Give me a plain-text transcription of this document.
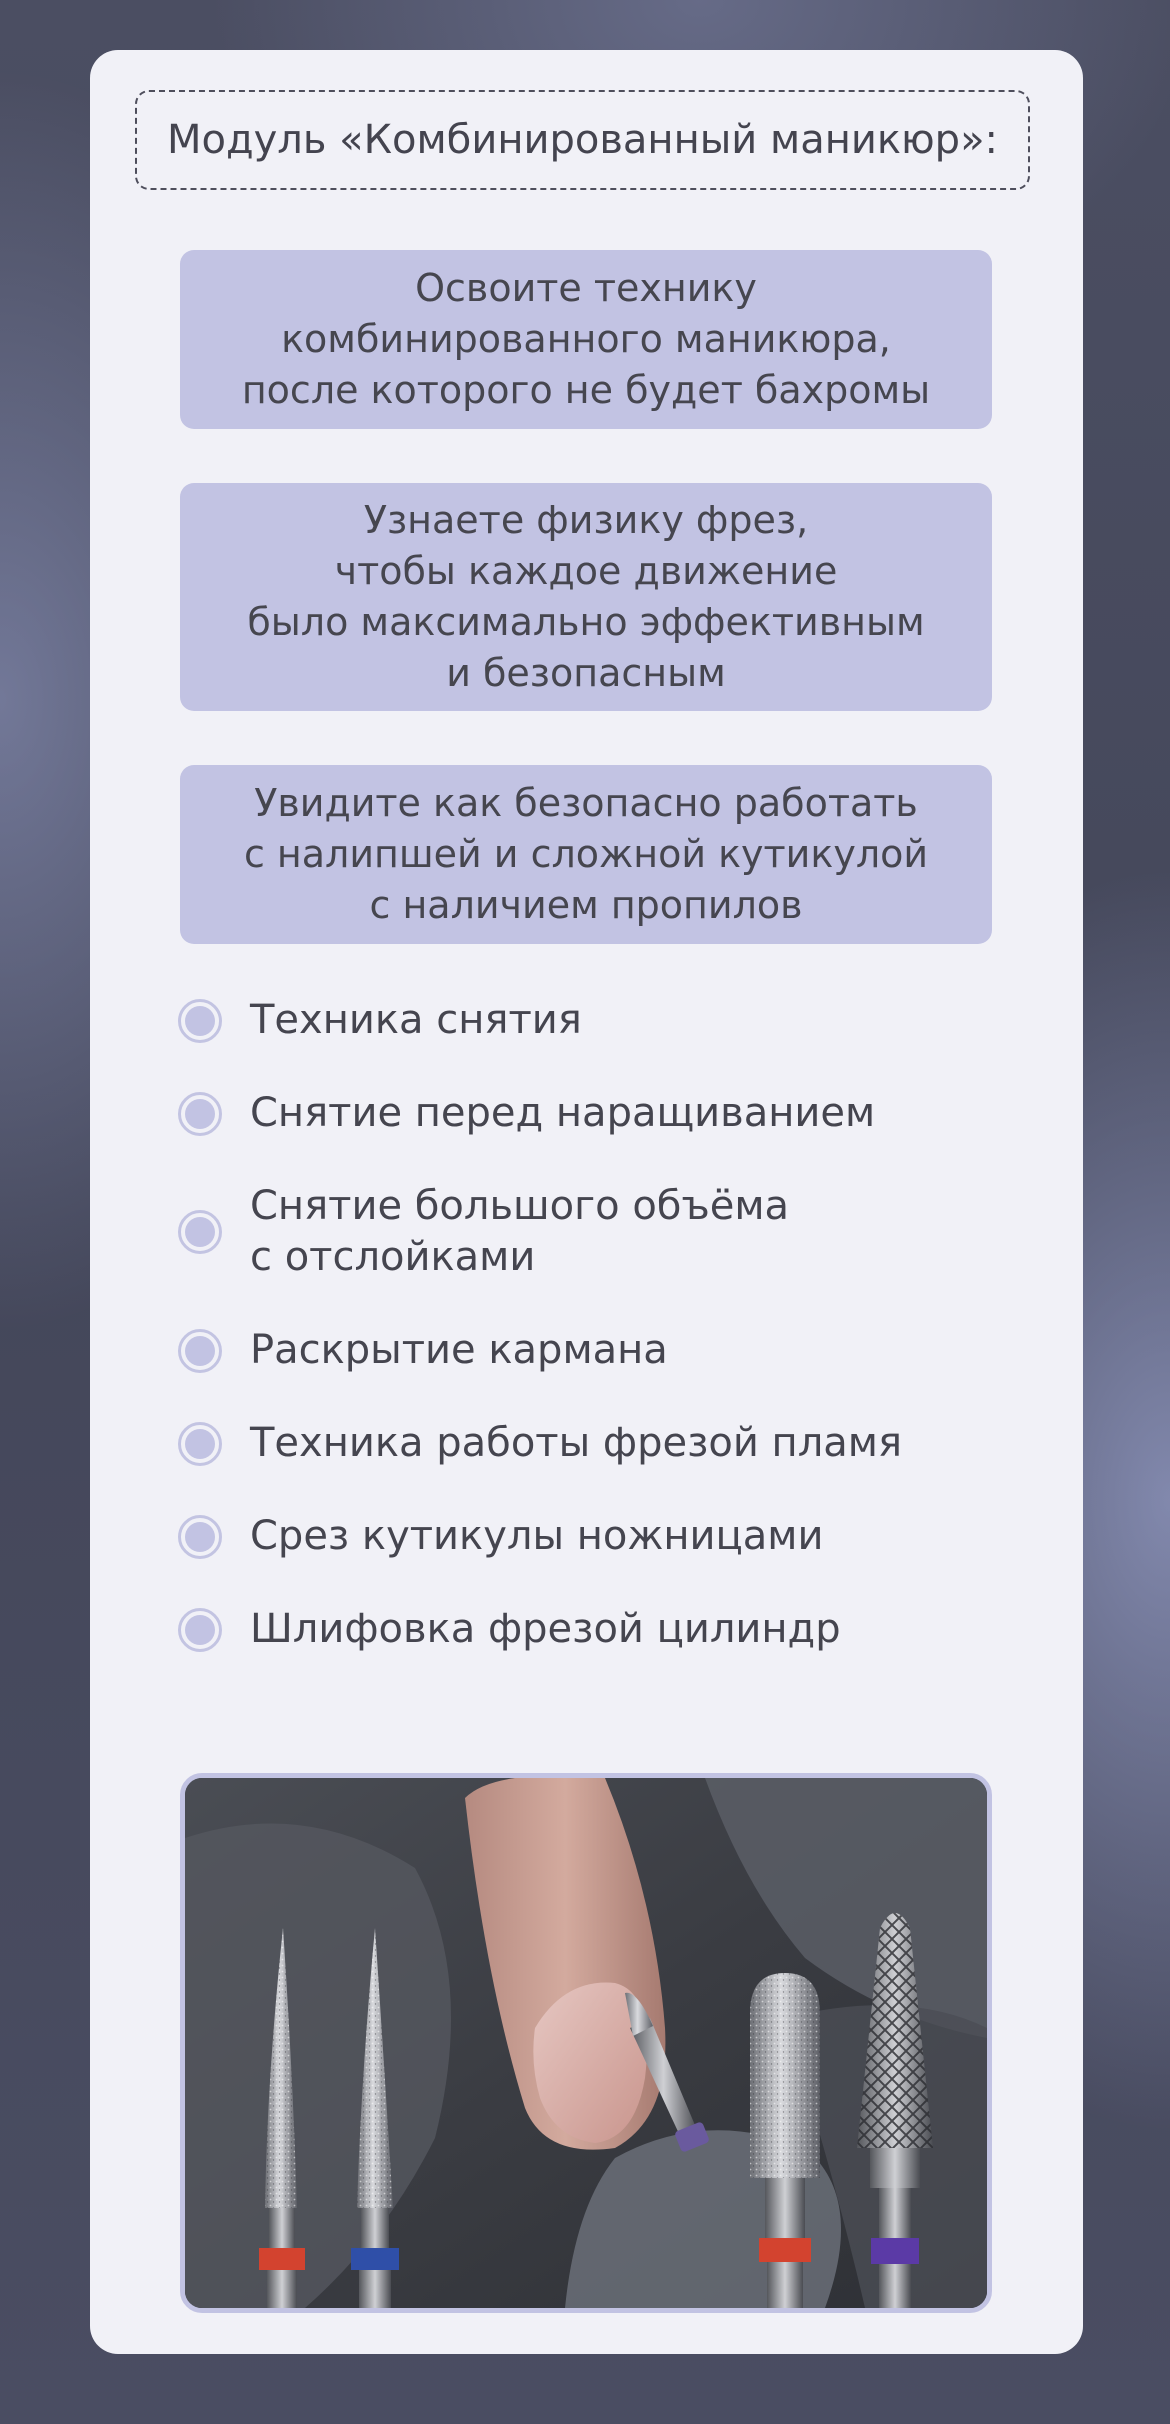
Модуль «Комбинированный маникюр»:
Освоите технику
комбинированного маникюра,
после которого не будет бахромы
Узнаете физику фрез,
чтобы каждое движение
было максимально эффективным
и безопасным
Увидите как безопасно работать
с налипшей и сложной кутикулой
с наличием пропилов
Техника снятия
Снятие перед наращиванием
Снятие большого объёма
с отслойками
Раскрытие кармана
Техника работы фрезой пламя
Срез кутикулы ножницами
Шлифовка фрезой цилиндр
